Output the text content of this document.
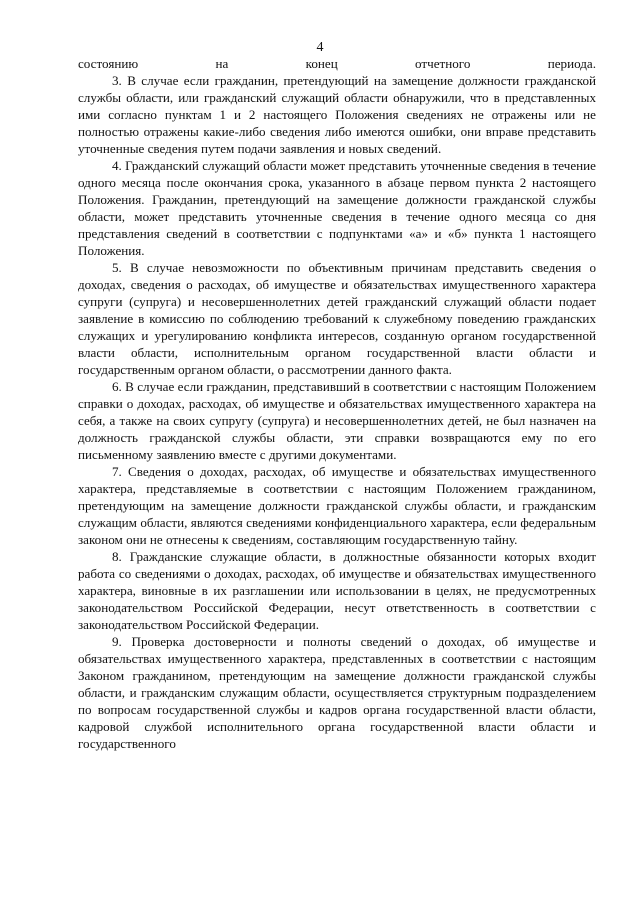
4

состоянию на конец отчетного периода.

3. В случае если гражданин, претендующий на замещение должности гражданской службы области, или гражданский служащий области обнаружили, что в представленных ими согласно пунктам 1 и 2 настоящего Положения сведениях не отражены или не полностью отражены какие-либо сведения либо имеются ошибки, они вправе представить уточненные сведения путем подачи заявления и новых сведений.

4. Гражданский служащий области может представить уточненные сведения в течение одного месяца после окончания срока, указанного в абзаце первом пункта 2 настоящего Положения. Гражданин, претендующий на замещение должности гражданской службы области, может представить уточненные сведения в течение одного месяца со дня представления сведений в соответствии с подпунктами «а» и «б» пункта 1 настоящего Положения.

5. В случае невозможности по объективным причинам представить сведения о доходах, сведения о расходах, об имуществе и обязательствах имущественного характера супруги (супруга) и несовершеннолетних детей гражданский служащий области подает заявление в комиссию по соблюдению требований к служебному поведению гражданских служащих и урегулированию конфликта интересов, созданную органом государственной власти области, исполнительным органом государственной власти области и государственным органом области, о рассмотрении данного факта.

6. В случае если гражданин, представивший в соответствии с настоящим Положением справки о доходах, расходах, об имуществе и обязательствах имущественного характера на себя, а также на своих супругу (супруга) и несовершеннолетних детей, не был назначен на должность гражданской службы области, эти справки возвращаются ему по его письменному заявлению вместе с другими документами.

7. Сведения о доходах, расходах, об имуществе и обязательствах имущественного характера, представляемые в соответствии с настоящим Положением гражданином, претендующим на замещение должности гражданской службы области, и гражданским служащим области, являются сведениями конфиденциального характера, если федеральным законом они не отнесены к сведениям, составляющим государственную тайну.

8. Гражданские служащие области, в должностные обязанности которых входит работа со сведениями о доходах, расходах, об имуществе и обязательствах имущественного характера, виновные в их разглашении или использовании в целях, не предусмотренных законодательством Российской Федерации, несут ответственность в соответствии с законодательством Российской Федерации.

9. Проверка достоверности и полноты сведений о доходах, об имуществе и обязательствах имущественного характера, представленных в соответствии с настоящим Законом гражданином, претендующим на замещение должности гражданской службы области, и гражданским служащим области, осуществляется структурным подразделением по вопросам государственной службы и кадров органа государственной власти области, кадровой службой исполнительного органа государственной власти области и государственного
